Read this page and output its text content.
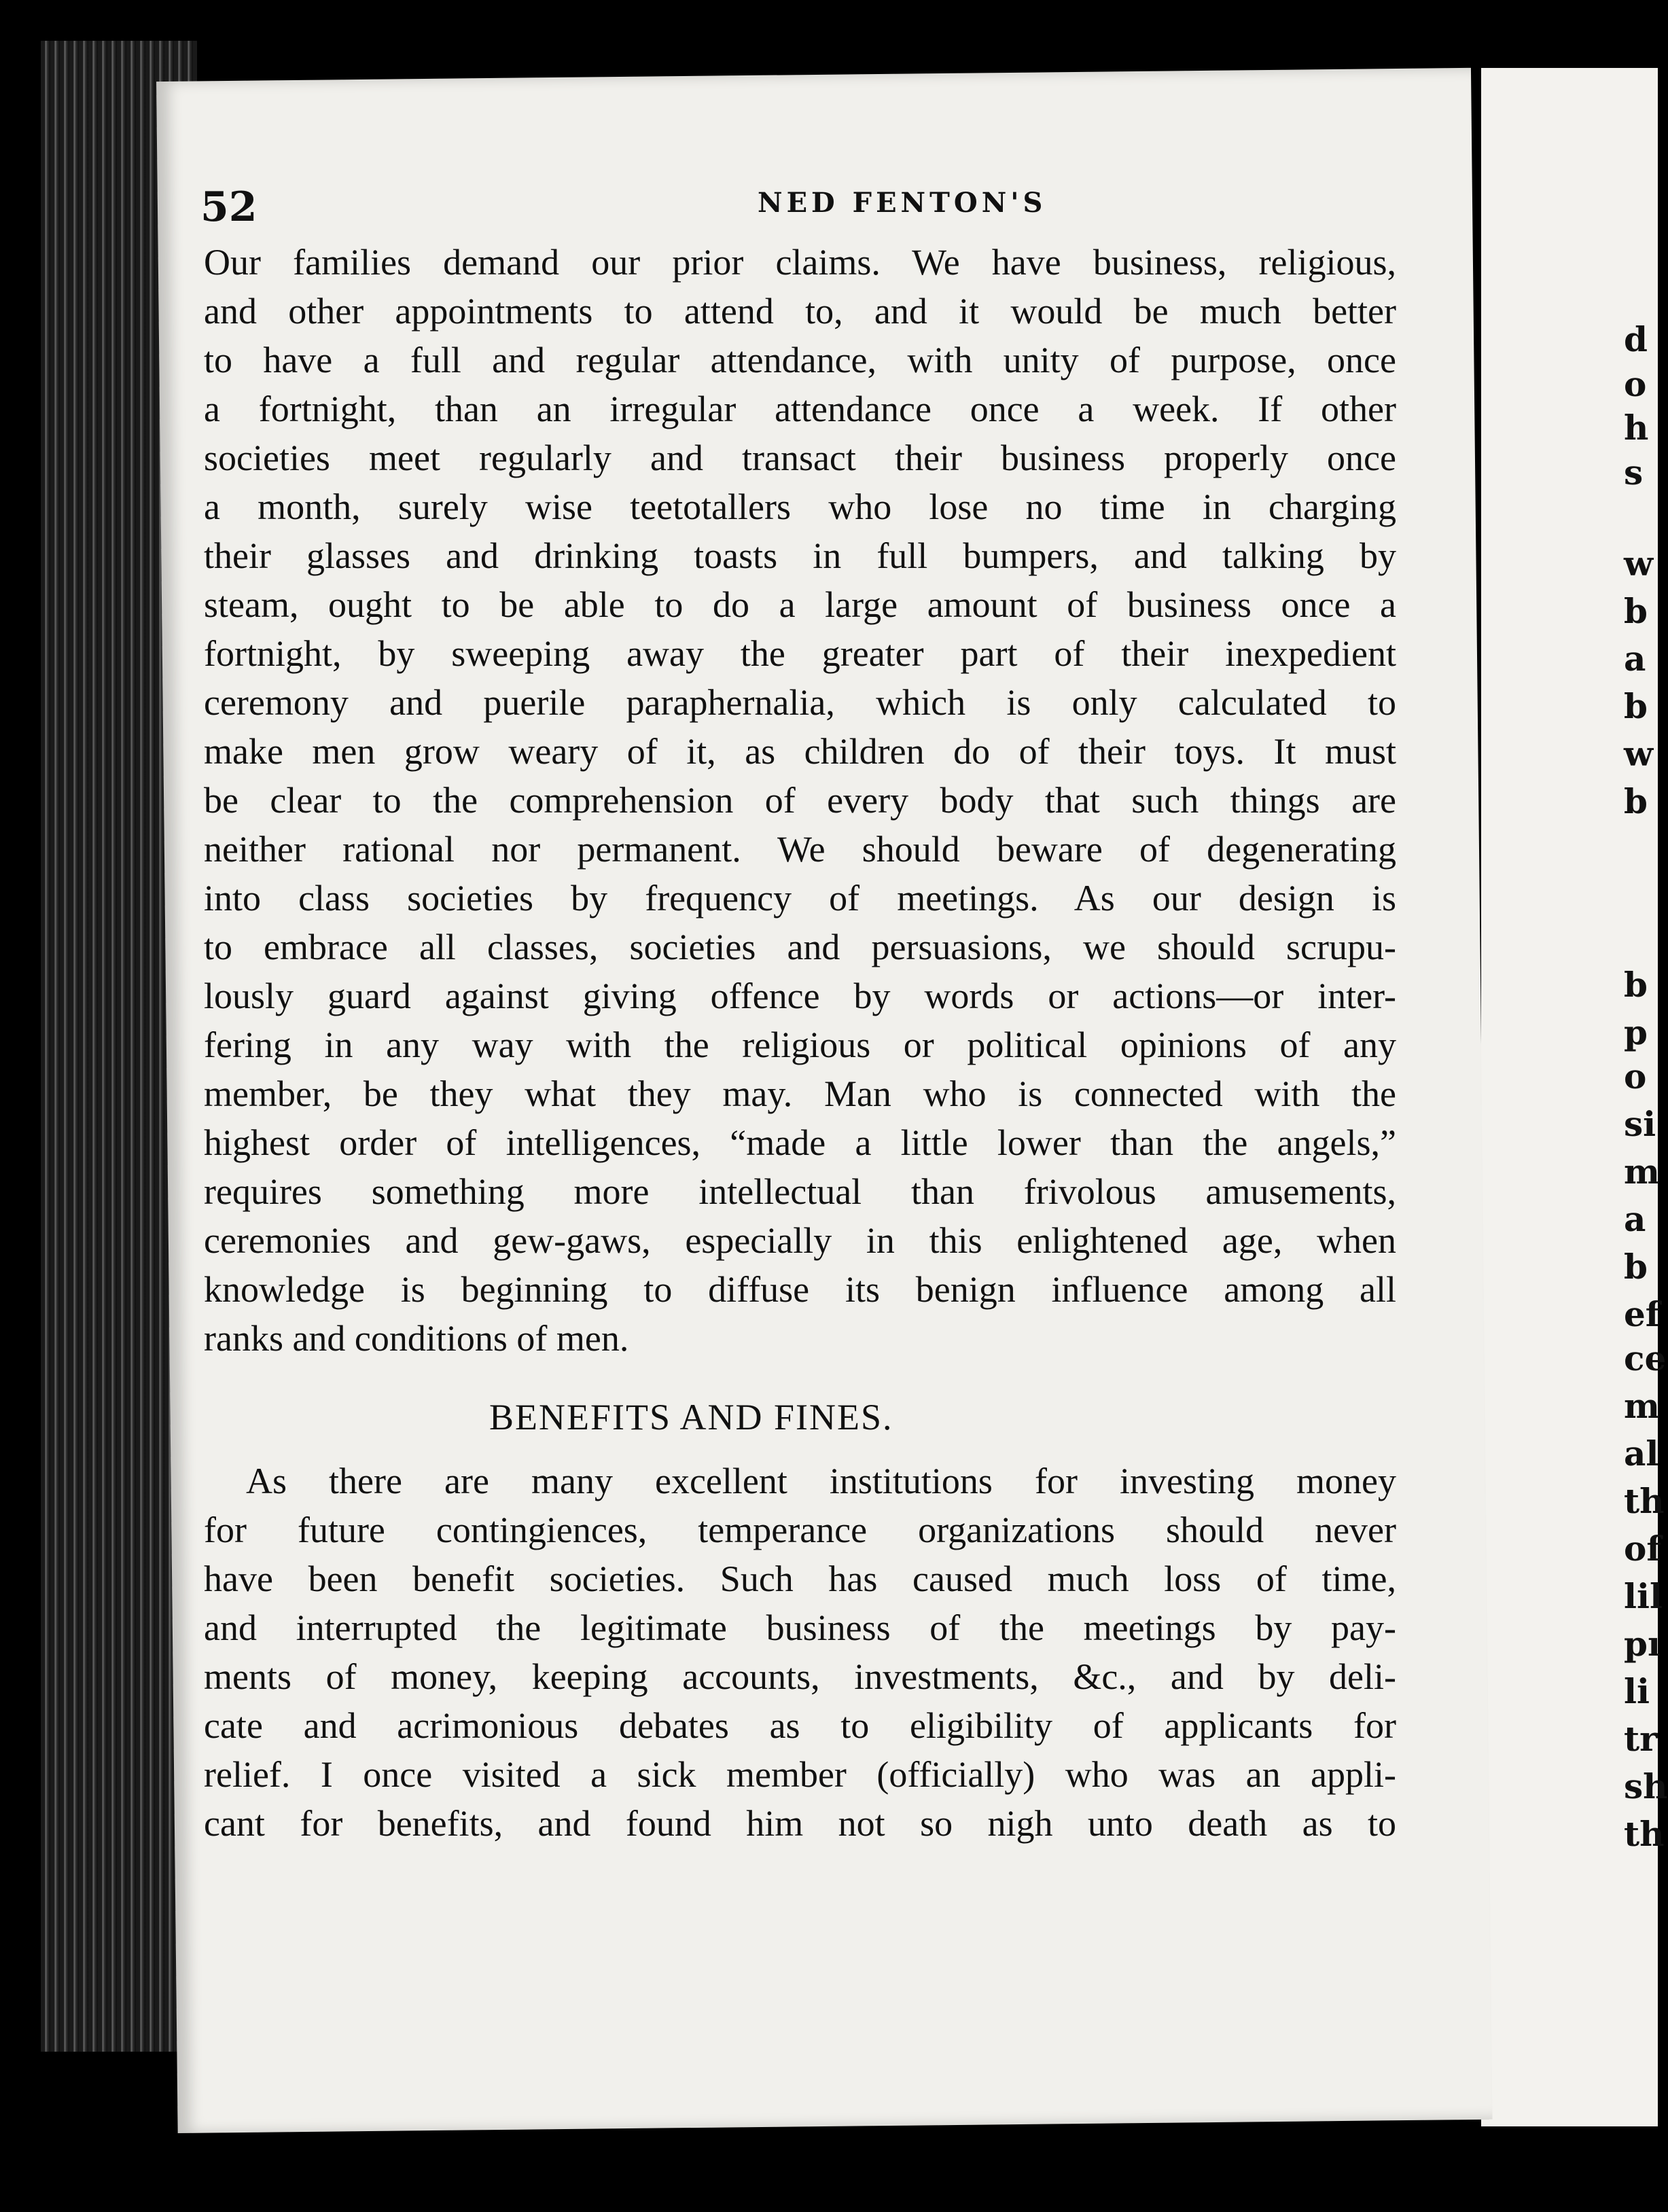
52	NED FENTON'S
Our families demand our prior claims. We have business, religious,
and other appointments to attend to, and it would be much better
to have a full and regular attendance, with unity of purpose, once
a fortnight, than an irregular attendance once a week. If other
societies meet regularly and transact their business properly once
a month, surely wise teetotallers who lose no time in charging
their glasses and drinking toasts in full bumpers, and talking by
steam, ought to be able to do a large amount of business once a
fortnight, by sweeping away the greater part of their inexpedient
ceremony and puerile paraphernalia, which is only calculated to
make men grow weary of it, as children do of their toys. It must
be clear to the comprehension of every body that such things are
neither rational nor permanent. We should beware of degenerating
into class societies by frequency of meetings. As our design is
to embrace all classes, societies and persuasions, we should scrupu-
lously guard against giving offence by words or actions—or inter-
fering in any way with the religious or political opinions of any
member, be they what they may. Man who is connected with the
highest order of intelligences, “made a little lower than the angels,”
requires something more intellectual than frivolous amusements,
ceremonies and gew-gaws, especially in this enlightened age, when
knowledge is beginning to diffuse its benign influence among all
ranks and conditions of men.
BENEFITS AND FINES.
As there are many excellent institutions for investing money
for future contingiences, temperance organizations should never
have been benefit societies. Such has caused much loss of time,
and interrupted the legitimate business of the meetings by pay-
ments of money, keeping accounts, investments, &c., and by deli-
cate and acrimonious debates as to eligibility of applicants for
relief. I once visited a sick member (officially) who was an appli-
cant for benefits, and found him not so nigh unto death as to
d
o
h
s
w
b
a
b
w
b
b
p
o
si
m
a
b
ef
ce
m
al
th
of
lil
pı
li
tr
sh
th
